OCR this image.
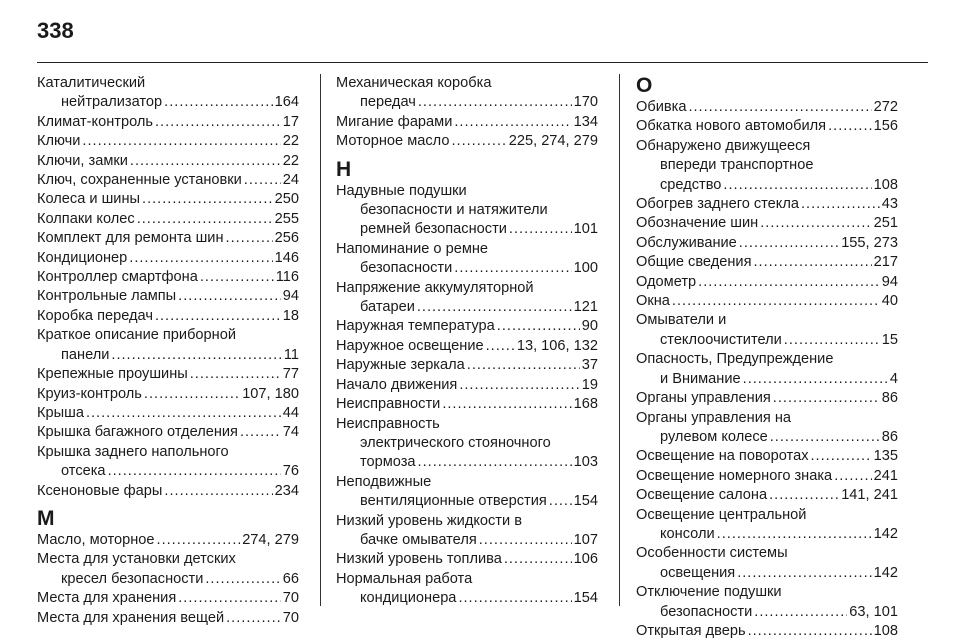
338
Каталитический
нейтрализатор .....	164
Климат-контроль .....	17
Ключи .....	22
Ключи, замки .....	22
Ключ, сохраненные установки .....	24
Колеса и шины .....	250
Колпаки колес .....	255
Комплект для ремонта шин .....	256
Кондиционер .....	146
Контроллер смартфона .....	116
Контрольные лампы .....	94
Коробка передач .....	18
Краткое описание приборной
панели .....	11
Крепежные проушины .....	77
Круиз-контроль .....	107, 180
Крыша .....	44
Крышка багажного отделения .....	74
Крышка заднего напольного
отсека .....	76
Ксеноновые фары .....	234
М
Масло, моторное .....	274, 279
Места для установки детских
кресел безопасности .....	66
Места для хранения .....	70
Места для хранения вещей .....	70
Механическая коробка
передач .....	170
Мигание фарами .....	134
Моторное масло .....	225, 274, 279
Н
Надувные подушки
безопасности и натяжители
ремней безопасности .....	101
Напоминание о ремне
безопасности .....	100
Напряжение аккумуляторной
батареи .....	121
Наружная температура .....	90
Наружное освещение ..... 13, 106, 132
Наружные зеркала .....	37
Начало движения .....	19
Неисправности .....	168
Неисправность
электрического стояночного
тормоза .....	103
Неподвижные
вентиляционные отверстия ..... 154
Низкий уровень жидкости в
бачке омывателя .....	107
Низкий уровень топлива .....	106
Нормальная работа
кондиционера .....	154
О
Обивка .....	272
Обкатка нового автомобиля .....	156
Обнаружено движущееся
впереди транспортное
средство .....	108
Обогрев заднего стекла .....	43
Обозначение шин .....	251
Обслуживание .....	155, 273
Общие сведения .....	217
Одометр .....	94
Окна .....	40
Омыватели и
стеклоочистители .....	15
Опасность, Предупреждение
и Внимание .....	4
Органы управления .....	86
Органы управления на
рулевом колесе .....	86
Освещение на поворотах .....	135
Освещение номерного знака .....	241
Освещение салона .....	141, 241
Освещение центральной
консоли .....	142
Особенности системы
освещения .....	142
Отключение подушки
безопасности .....	63, 101
Открытая дверь .....	108
